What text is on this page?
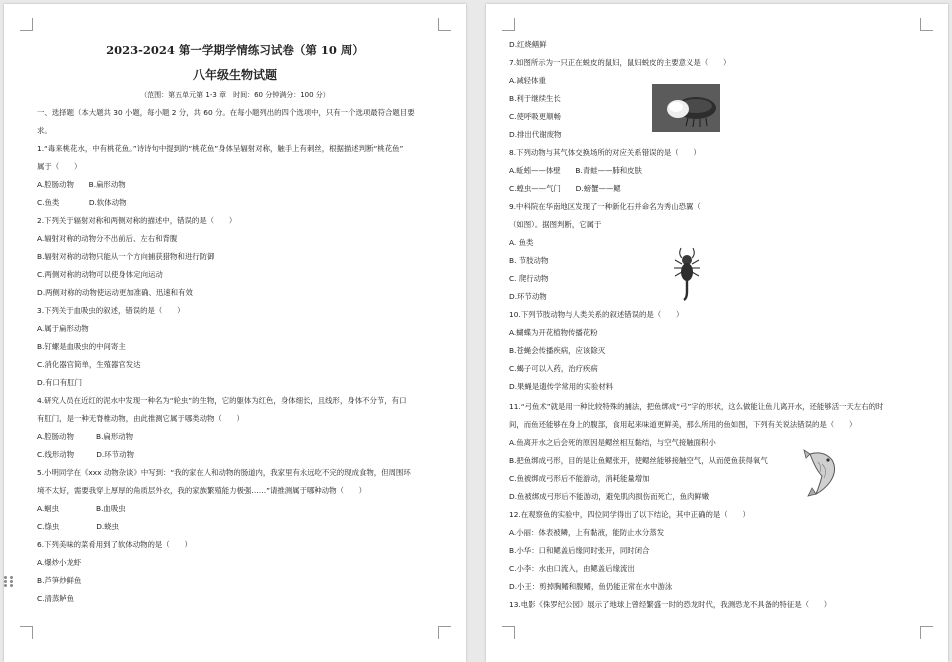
2023-2024 第一学期学情练习试卷（第 10 周）
八年级生物试题
（范围：第五单元第 1-3 章　时间：60 分钟满分：100 分）
一、选择题（本大题共 30 小题，每小题 2 分，共 60 分。在每小题列出的四个选项中，只有一个选项最符合题目要
求。
1.“毒来桃花水，中有桃花鱼。”诗诗句中提到的“桃花鱼”身体呈辐射对称，触手上有刺丝，根据描述判断“桃花鱼”
属于（　　）
A.腔肠动物　　B.扁形动物
C.鱼类　　　　D.软体动物
2.下列关于辐射对称和两侧对称的描述中，错误的是（　　）
A.辐射对称的动物分不出前后、左右和背腹
B.辐射对称的动物只能从一个方向捕获猎物和进行防御
C.两侧对称的动物可以使身体定向运动
D.两侧对称的动物使运动更加准确、迅速和有效
3.下列关于血吸虫的叙述，错误的是（　　）
A.属于扁形动物
B.钉螺是血吸虫的中间寄主
C.消化器官简单，生殖器官发达
D.有口有肛门
4.研究人员在近红的泥水中发现一种名为“轮虫”的生物，它的躯体为红色，身体细长，且线形，身体不分节，有口
有肛门，是一种无脊椎动物，由此推测它属于哪类动物（　　）
A.腔肠动物　　　B.扁形动物
C.线形动物　　　D.环节动物
5.小明同学在《xxx 动物杂谈》中写到：“我的家在人和动物的肠道内，我家里有永远吃不完的现成食物，但周围环
境不太好，需要我穿上厚厚的角质层外衣，我的家族繁殖能力极强……”请推测属于哪种动物（　　）
A.蛔虫　　　　　B.血吸虫
C.绦虫　　　　　D.蛲虫
6.下列美味的菜肴用到了软体动物的是（　　）
A.爆炒小龙虾
B.芦笋炒鲜鱼
C.清蒸鲈鱼
D.红烧鳝鲜
7.如图所示为一只正在蜕皮的鼠妇，鼠妇蜕皮的主要意义是（　　）
A.减轻体重
B.利于继续生长
C.使呼吸更顺畅
D.排出代谢废物
8.下列动物与其气体交换场所的对应关系错误的是（　　）
A.蚯蚓——体壁　　B.青蛙——肺和皮肤
C.蝗虫——气门　　D.螃蟹——鳃
9.中科院在华南地区发现了一种新化石并命名为秀山恐翼（
（如图）。据图判断，它属于
A. 鱼类
B. 节肢动物
C. 爬行动物
D.环节动物
10.下列节肢动物与人类关系的叙述错误的是（　　）
A.蝴蝶为开花植物传播花粉
B.苍蝇会传播疾病，应该除灭
C.蝎子可以入药，治疗疾病
D.果蝇是遗传学常用的实验材料
11.“弓鱼术”就是用一种比较特殊的捕法，把鱼绑成“弓”字的形状，这么做能让鱼儿离开水，还能够活一天左右的时
间，而鱼还能够在身上的腹部，食用起来味道更鲜美，那么所用的鱼如图，下列有关说法错误的是（　　）
A.鱼离开水之后会死的原因是鳃丝相互黏结，与空气接触面积小
B.把鱼绑成弓形，目的是让鱼鳃张开，使鳃丝能够接触空气，从而使鱼获得氧气
C.鱼被绑成弓形后不能游动，消耗能量增加
D.鱼被绑成弓形后不能游动，避免肌肉损伤而死亡，鱼肉鲜嫩
12.在观察鱼的实验中，四位同学得出了以下结论，其中正确的是（　　）
A.小丽：体表被鳞，上有黏液，能防止水分蒸发
B.小华：口和鳃盖后缘同时张开，同时闭合
C.小李：水由口流入，由鳃盖后缘流出
D.小王：剪掉胸鳍和腹鳍，鱼仍能正常在水中游泳
13.电影《侏罗纪公园》展示了地球上曾经繁盛一时的恐龙时代，我测恐龙不具备的特征是（　　）
